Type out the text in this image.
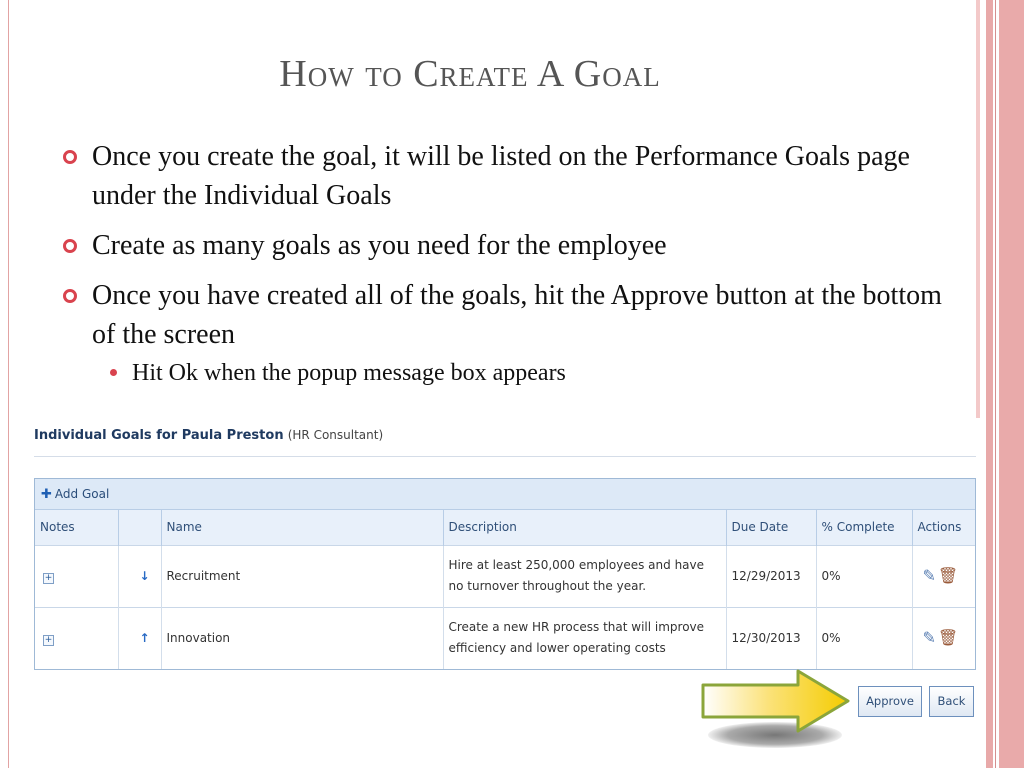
How to Create A Goal
Once you create the goal, it will be listed on the Performance Goals page under the Individual Goals
Create as many goals as you need for the employee
Once you have created all of the goals, hit the Approve button at the bottom of the screen
Hit Ok when the popup message box appears
Individual Goals for Paula Preston (HR Consultant)
✚ Add Goal
Notes		Name	Description	Due Date	% Complete	Actions
+	↓	Recruitment	Hire at least 250,000 employees and have no turnover throughout the year.	12/29/2013	0%	✎ 🗑
+	↑	Innovation	Create a new HR process that will improve efficiency and lower operating costs	12/30/2013	0%	✎ 🗑
Approve	Back
